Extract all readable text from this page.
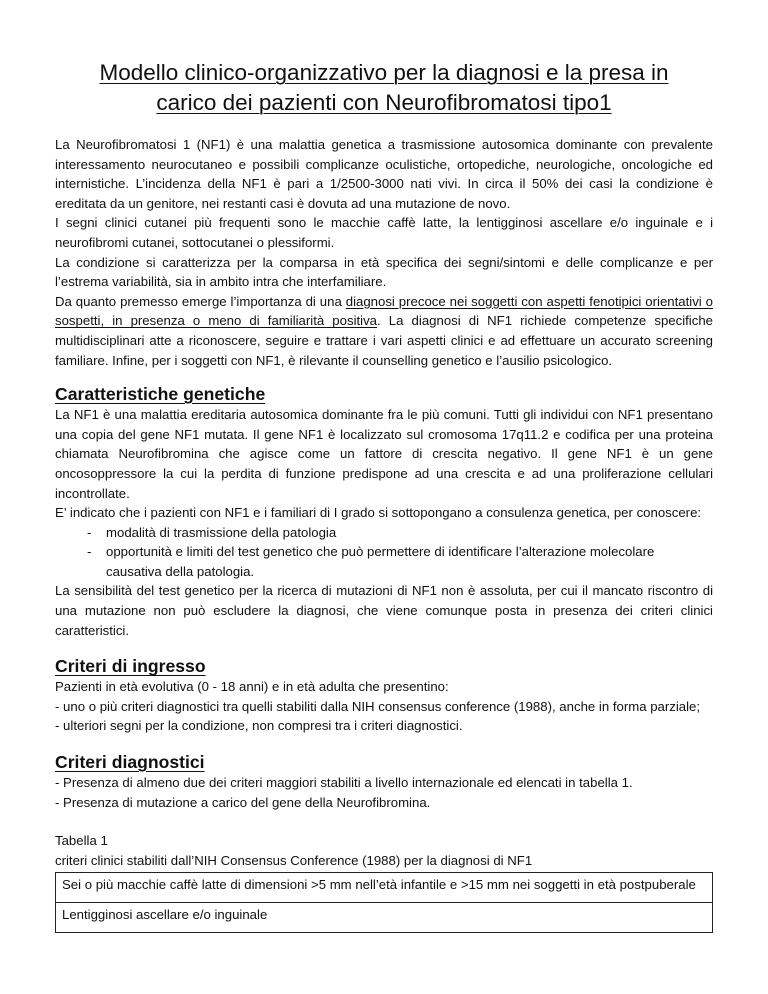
Modello clinico-organizzativo per la diagnosi e la presa in
carico dei pazienti con Neurofibromatosi tipo1

La Neurofibromatosi 1 (NF1) è una malattia genetica a trasmissione autosomica dominante con prevalente interessamento neurocutaneo e possibili complicanze oculistiche, ortopediche, neurologiche, oncologiche ed internistiche. L’incidenza della NF1 è pari a 1/2500-3000 nati vivi. In circa il 50% dei casi la condizione è ereditata da un genitore, nei restanti casi è dovuta ad una mutazione de novo.

I segni clinici cutanei più frequenti sono le macchie caffè latte, la lentigginosi ascellare e/o inguinale e i neurofibromi cutanei, sottocutanei o plessiformi.

La condizione si caratterizza per la comparsa in età specifica dei segni/sintomi e delle complicanze e per l’estrema variabilità, sia in ambito intra che interfamiliare.

Da quanto premesso emerge l’importanza di una diagnosi precoce nei soggetti con aspetti fenotipici orientativi o sospetti, in presenza o meno di familiarità positiva. La diagnosi di NF1 richiede competenze specifiche multidisciplinari atte a riconoscere, seguire e trattare i vari aspetti clinici e ad effettuare un accurato screening familiare. Infine, per i soggetti con NF1, è rilevante il counselling genetico e l’ausilio psicologico.

Caratteristiche genetiche

La NF1 è una malattia ereditaria autosomica dominante fra le più comuni. Tutti gli individui con NF1 presentano una copia del gene NF1 mutata. Il gene NF1 è localizzato sul cromosoma 17q11.2 e codifica per una proteina chiamata Neurofibromina che agisce come un fattore di crescita negativo. Il gene NF1 è un gene oncosoppressore la cui la perdita di funzione predispone ad una crescita e ad una proliferazione cellulari incontrollate.

E’ indicato che i pazienti con NF1 e i familiari di I grado si sottopongano a consulenza genetica, per conoscere:

- modalità di trasmissione della patologia
- opportunità e limiti del test genetico che può permettere di identificare l’alterazione molecolare causativa della patologia.

La sensibilità del test genetico per la ricerca di mutazioni di NF1 non è assoluta, per cui il mancato riscontro di una mutazione non può escludere la diagnosi, che viene comunque posta in presenza dei criteri clinici caratteristici.

Criteri di ingresso

Pazienti in età evolutiva (0 - 18 anni) e in età adulta che presentino:

- uno o più criteri diagnostici tra quelli stabiliti dalla NIH consensus conference (1988), anche in forma parziale;

- ulteriori segni per la condizione, non compresi tra i criteri diagnostici.

Criteri diagnostici

- Presenza di almeno due dei criteri maggiori stabiliti a livello internazionale ed elencati in tabella 1.

- Presenza di mutazione a carico del gene della Neurofibromina.

Tabella 1

criteri clinici stabiliti dall’NIH Consensus Conference (1988) per la diagnosi di NF1

Sei o più macchie caffè latte di dimensioni >5 mm nell’età infantile e >15 mm nei soggetti in età postpuberale
Lentigginosi ascellare e/o inguinale
